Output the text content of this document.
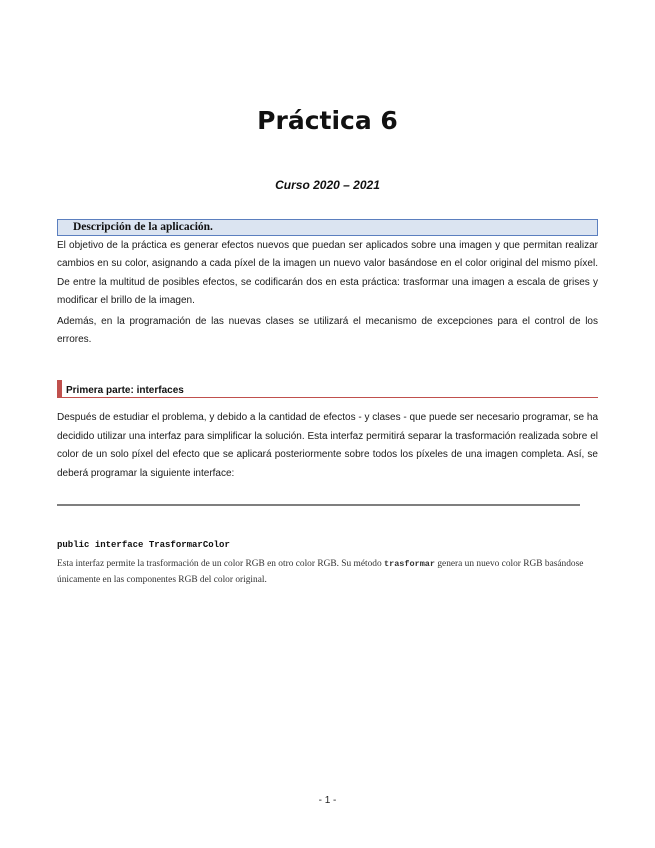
Práctica 6
Curso 2020 – 2021
Descripción de la aplicación.

El objetivo de la práctica es generar efectos nuevos que puedan ser aplicados sobre una imagen y que permitan realizar cambios en su color, asignando a cada píxel de la imagen un nuevo valor basándose en el color original del mismo píxel. De entre la multitud de posibles efectos, se codificarán dos en esta práctica: trasformar una imagen a escala de grises y modificar el brillo de la imagen.

Además, en la programación de las nuevas clases se utilizará el mecanismo de excepciones para el control de los errores.

Primera parte: interfaces

Después de estudiar el problema, y debido a la cantidad de efectos - y clases - que puede ser necesario programar, se ha decidido utilizar una interfaz para simplificar la solución. Esta interfaz permitirá separar la trasformación realizada sobre el color de un solo píxel del efecto que se aplicará posteriormente sobre todos los píxeles de una imagen completa. Así, se deberá programar la siguiente interface:

public interface TrasformarColor

Esta interfaz permite la trasformación de un color RGB en otro color RGB. Su método trasformar genera un nuevo color RGB basándose únicamente en las componentes RGB del color original.

- 1 -
